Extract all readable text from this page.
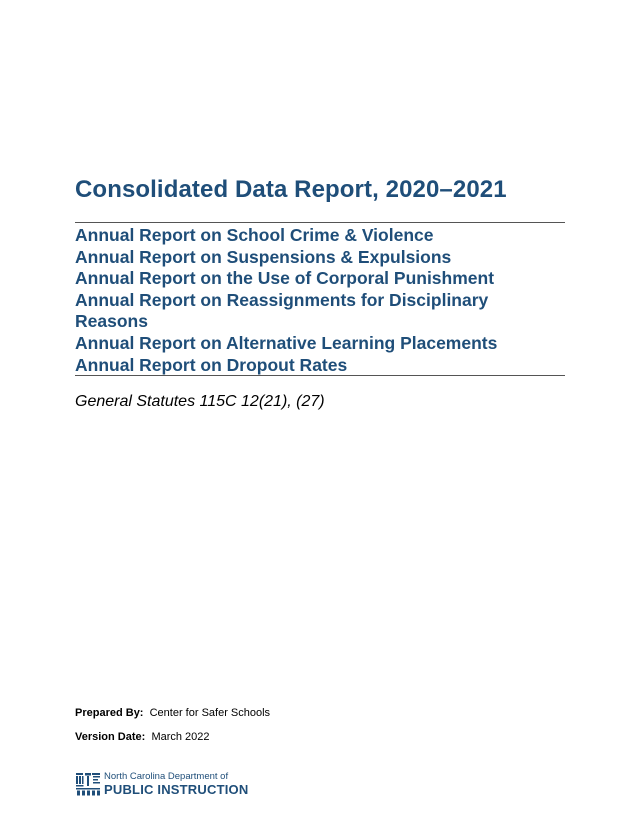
Consolidated Data Report, 2020–2021
Annual Report on School Crime & Violence
Annual Report on Suspensions & Expulsions
Annual Report on the Use of Corporal Punishment
Annual Report on Reassignments for Disciplinary Reasons
Annual Report on Alternative Learning Placements
Annual Report on Dropout Rates
General Statutes 115C 12(21), (27)
Prepared By: Center for Safer Schools
Version Date: March 2022
North Carolina Department of
PUBLIC INSTRUCTION
